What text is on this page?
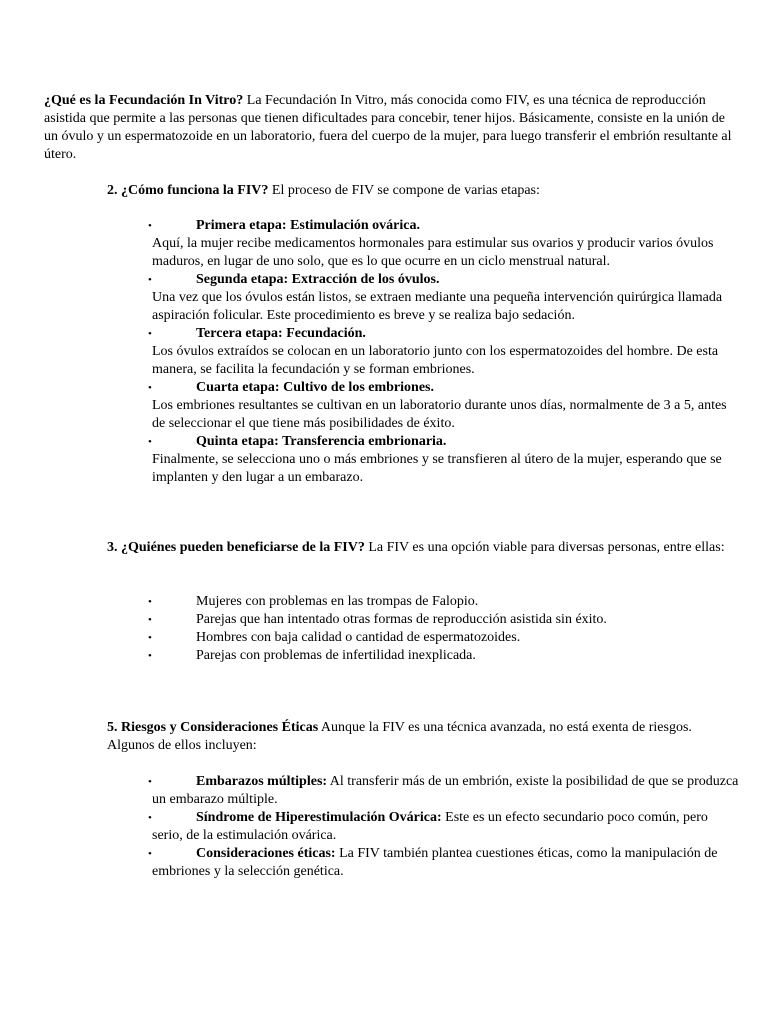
¿Qué es la Fecundación In Vitro? La Fecundación In Vitro, más conocida como FIV, es una técnica de reproducción asistida que permite a las personas que tienen dificultades para concebir, tener hijos. Básicamente, consiste en la unión de un óvulo y un espermatozoide en un laboratorio, fuera del cuerpo de la mujer, para luego transferir el embrión resultante al útero.

2. ¿Cómo funciona la FIV? El proceso de FIV se compone de varias etapas:

•	Primera etapa: Estimulación ovárica.
Aquí, la mujer recibe medicamentos hormonales para estimular sus ovarios y producir varios óvulos maduros, en lugar de uno solo, que es lo que ocurre en un ciclo menstrual natural.
•	Segunda etapa: Extracción de los óvulos.
Una vez que los óvulos están listos, se extraen mediante una pequeña intervención quirúrgica llamada aspiración folicular. Este procedimiento es breve y se realiza bajo sedación.
•	Tercera etapa: Fecundación.
Los óvulos extraídos se colocan en un laboratorio junto con los espermatozoides del hombre. De esta manera, se facilita la fecundación y se forman embriones.
•	Cuarta etapa: Cultivo de los embriones.
Los embriones resultantes se cultivan en un laboratorio durante unos días, normalmente de 3 a 5, antes de seleccionar el que tiene más posibilidades de éxito.
•	Quinta etapa: Transferencia embrionaria.
Finalmente, se selecciona uno o más embriones y se transfieren al útero de la mujer, esperando que se implanten y den lugar a un embarazo.

3. ¿Quiénes pueden beneficiarse de la FIV? La FIV es una opción viable para diversas personas, entre ellas:

•	Mujeres con problemas en las trompas de Falopio.
•	Parejas que han intentado otras formas de reproducción asistida sin éxito.
•	Hombres con baja calidad o cantidad de espermatozoides.
•	Parejas con problemas de infertilidad inexplicada.

5. Riesgos y Consideraciones Éticas Aunque la FIV es una técnica avanzada, no está exenta de riesgos. Algunos de ellos incluyen:

•	Embarazos múltiples: Al transferir más de un embrión, existe la posibilidad de que se produzca un embarazo múltiple.
•	Síndrome de Hiperestimulación Ovárica: Este es un efecto secundario poco común, pero serio, de la estimulación ovárica.
•	Consideraciones éticas: La FIV también plantea cuestiones éticas, como la manipulación de embriones y la selección genética.
